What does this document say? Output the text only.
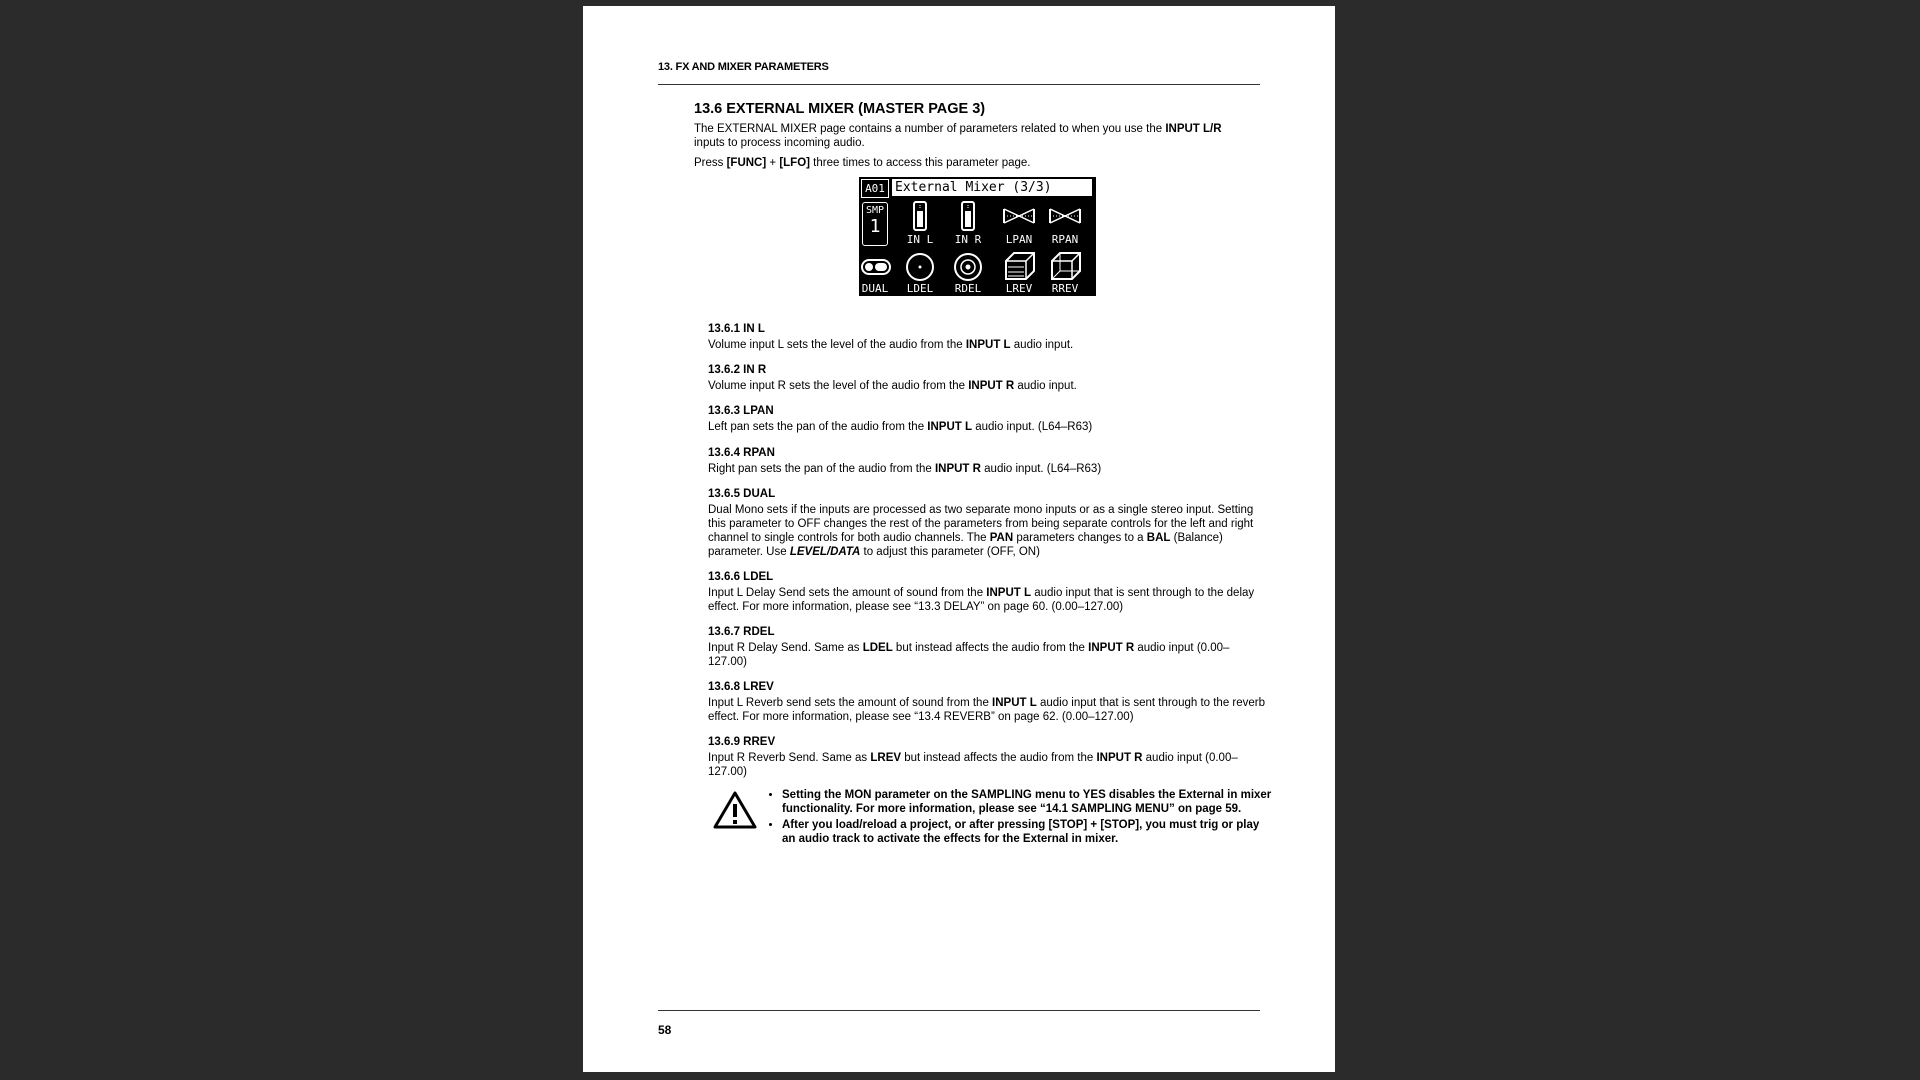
13. FX AND MIXER PARAMETERS
13.6 EXTERNAL MIXER (MASTER PAGE 3)

The EXTERNAL MIXER page contains a number of parameters related to when you use the INPUT L/R inputs to process incoming audio.

Press [FUNC] + [LFO] three times to access this parameter page.

A01 External Mixer (3/3)
SMP
1
IN L	IN R	LPAN	RPAN
DUAL	LDEL	RDEL	LREV	RREV
13.6.1 IN L

Volume input L sets the level of the audio from the INPUT L audio input.

13.6.2 IN R

Volume input R sets the level of the audio from the INPUT R audio input.

13.6.3 LPAN

Left pan sets the pan of the audio from the INPUT L audio input. (L64–R63)

13.6.4 RPAN

Right pan sets the pan of the audio from the INPUT R audio input. (L64–R63)

13.6.5 DUAL

Dual Mono sets if the inputs are processed as two separate mono inputs or as a single stereo input. Setting this parameter to OFF changes the rest of the parameters from being separate controls for the left and right channel to single controls for both audio channels. The PAN parameters changes to a BAL (Balance) parameter. Use LEVEL/DATA to adjust this parameter (OFF, ON)

13.6.6 LDEL

Input L Delay Send sets the amount of sound from the INPUT L audio input that is sent through to the delay effect. For more information, please see “13.3 DELAY” on page 60. (0.00–127.00)

13.6.7 RDEL

Input R Delay Send. Same as LDEL but instead affects the audio from the INPUT R audio input (0.00–127.00)

13.6.8 LREV

Input L Reverb send sets the amount of sound from the INPUT L audio input that is sent through to the reverb effect. For more information, please see “13.4 REVERB” on page 62. (0.00–127.00)

13.6.9 RREV

Input R Reverb Send. Same as LREV but instead affects the audio from the INPUT R audio input (0.00–127.00)

• Setting the MON parameter on the SAMPLING menu to YES disables the External in mixer functionality. For more information, please see “14.1 SAMPLING MENU” on page 59.
• After you load/reload a project, or after pressing [STOP] + [STOP], you must trig or play an audio track to activate the effects for the External in mixer.
58
